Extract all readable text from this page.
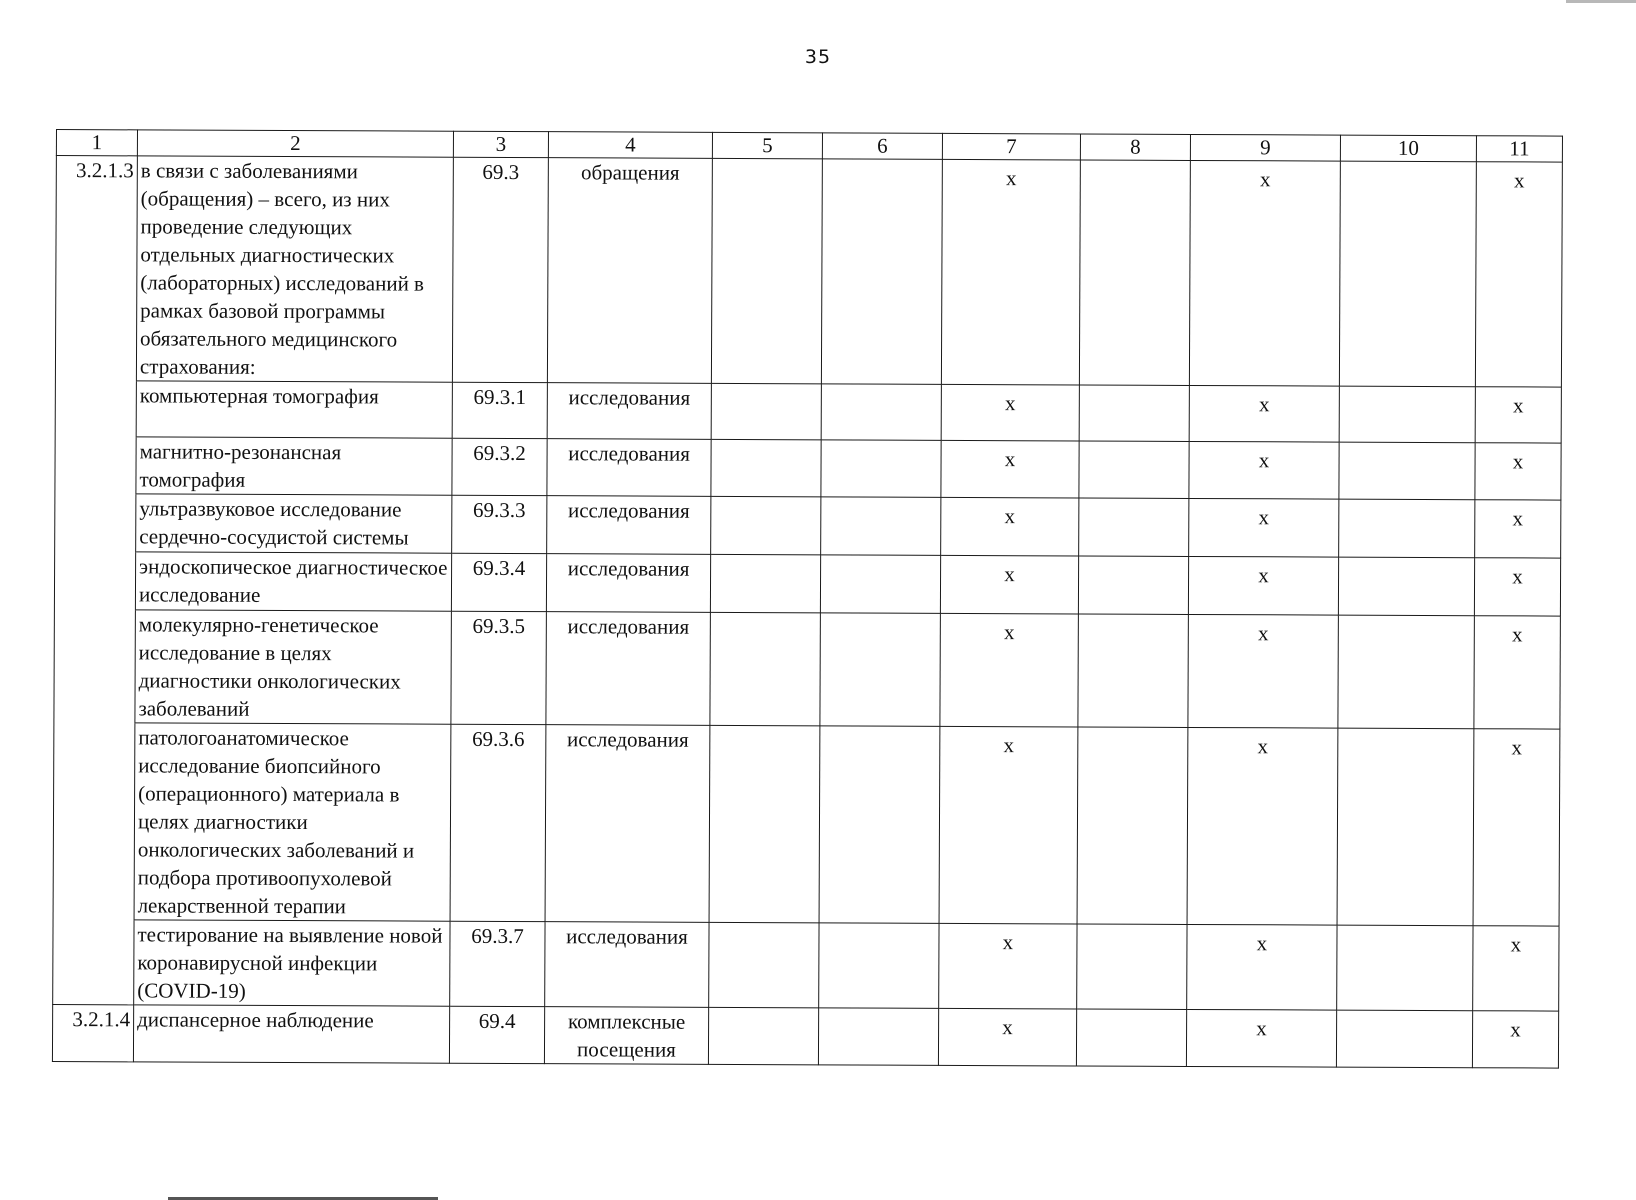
35
1	2	3	4	5	6	7	8	9	10	11
3.2.1.3	в связи с заболеваниями (обращения) – всего, из них проведение следующих отдельных диагностических (лабораторных) исследований в рамках базовой программы обязательного медицинского страхования:	69.3	обращения			х		х		х
	компьютерная томография	69.3.1	исследования			х		х		х
	магнитно-резонансная томография	69.3.2	исследования			х		х		х
	ультразвуковое исследование сердечно-сосудистой системы	69.3.3	исследования			х		х		х
	эндоскопическое диагностическое исследование	69.3.4	исследования			х		х		х
	молекулярно-генетическое исследование в целях диагностики онкологических заболеваний	69.3.5	исследования			х		х		х
	патологоанатомическое исследование биопсийного (операционного) материала в целях диагностики онкологических заболеваний и подбора противоопухолевой лекарственной терапии	69.3.6	исследования			х		х		х
	тестирование на выявление новой коронавирусной инфекции (COVID-19)	69.3.7	исследования			х		х		х
3.2.1.4	диспансерное наблюдение	69.4	комплексные посещения			х		х		х
